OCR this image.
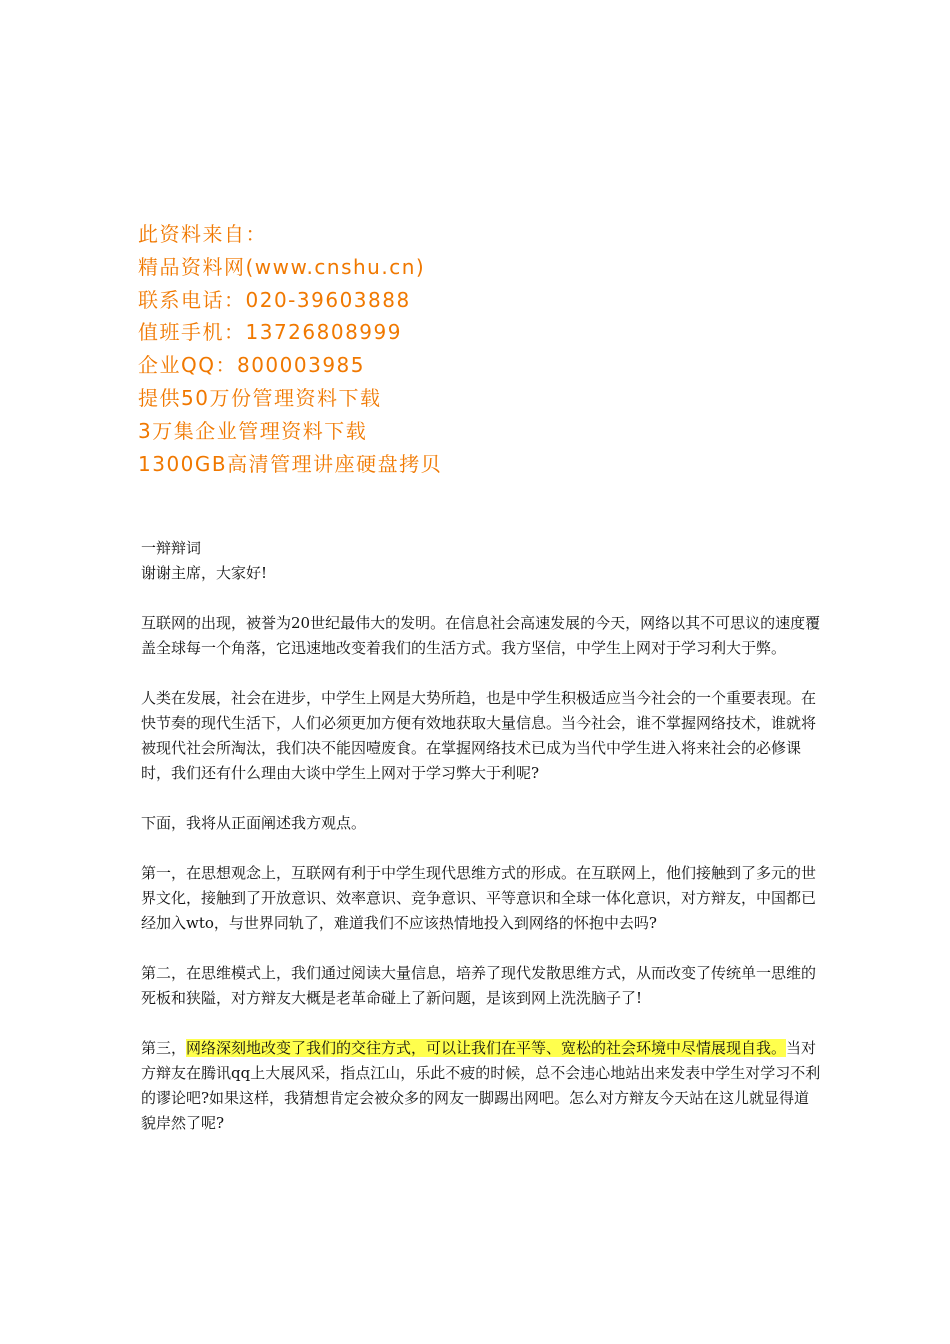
此资料来自：
精品资料网(www.cnshu.cn)
联系电话：020-39603888
值班手机：13726808999
企业QQ：800003985
提供50万份管理资料下载
3万集企业管理资料下载
1300GB高清管理讲座硬盘拷贝

一辩辩词

谢谢主席，大家好!

互联网的出现，被誉为20世纪最伟大的发明。在信息社会高速发展的今天，网络以其不可思议的速度覆盖全球每一个角落，它迅速地改变着我们的生活方式。我方坚信，中学生上网对于学习利大于弊。

人类在发展，社会在进步，中学生上网是大势所趋，也是中学生积极适应当今社会的一个重要表现。在快节奏的现代生活下，人们必须更加方便有效地获取大量信息。当今社会，谁不掌握网络技术，谁就将被现代社会所淘汰，我们决不能因噎废食。在掌握网络技术已成为当代中学生进入将来社会的必修课时，我们还有什么理由大谈中学生上网对于学习弊大于利呢?

下面，我将从正面阐述我方观点。

第一，在思想观念上，互联网有利于中学生现代思维方式的形成。在互联网上，他们接触到了多元的世界文化，接触到了开放意识、效率意识、竞争意识、平等意识和全球一体化意识，对方辩友，中国都已经加入wto，与世界同轨了，难道我们不应该热情地投入到网络的怀抱中去吗?

第二，在思维模式上，我们通过阅读大量信息，培养了现代发散思维方式，从而改变了传统单一思维的死板和狭隘，对方辩友大概是老革命碰上了新问题，是该到网上洗洗脑子了!

第三，网络深刻地改变了我们的交往方式，可以让我们在平等、宽松的社会环境中尽情展现自我。当对方辩友在腾讯qq上大展风采，指点江山，乐此不疲的时候，总不会违心地站出来发表中学生对学习不利的谬论吧?如果这样，我猜想肯定会被众多的网友一脚踢出网吧。怎么对方辩友今天站在这儿就显得道貌岸然了呢?
